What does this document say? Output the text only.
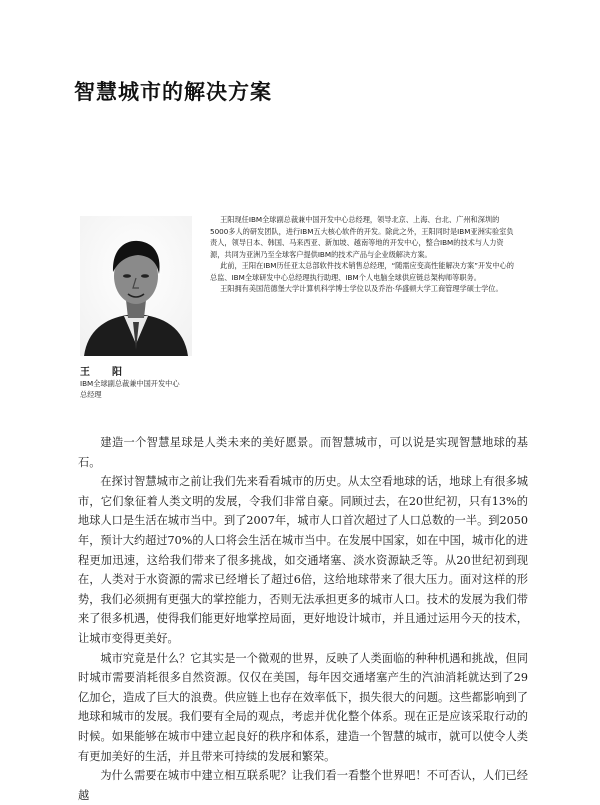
智慧城市的解决方案

王阳现任IBM全球副总裁兼中国开发中心总经理，领导北京、上海、台北、广州和深圳的5000多人的研发团队，进行IBM五大核心软件的开发。除此之外，王阳同时是IBM亚洲实验室负责人，领导日本、韩国、马来西亚、新加坡、越南等地的开发中心，整合IBM的技术与人力资源，共同为亚洲乃至全球客户提供IBM的技术产品与企业级解决方案。

此前，王阳在IBM历任亚太总部软件技术销售总经理，“随需应变高性能解决方案”开发中心的总监、IBM全球研发中心总经理执行助理、IBM个人电脑全球供应链总架构师等职务。

王阳拥有美国范德堡大学计算机科学博士学位以及乔治·华盛顿大学工商管理学硕士学位。

王　阳
IBM全球副总裁兼中国开发中心
总经理

建造一个智慧星球是人类未来的美好愿景。而智慧城市，可以说是实现智慧地球的基石。

在探讨智慧城市之前让我们先来看看城市的历史。从太空看地球的话，地球上有很多城市，它们象征着人类文明的发展，令我们非常自豪。同顾过去，在20世纪初，只有13%的地球人口是生活在城市当中。到了2007年，城市人口首次超过了人口总数的一半。到2050年，预计大约超过70%的人口将会生活在城市当中。在发展中国家，如在中国，城市化的进程更加迅速，这给我们带来了很多挑战，如交通堵塞、淡水资源缺乏等。从20世纪初到现在，人类对于水资源的需求已经增长了超过6倍，这给地球带来了很大压力。面对这样的形势，我们必须拥有更强大的掌控能力，否则无法承担更多的城市人口。技术的发展为我们带来了很多机遇，使得我们能更好地掌控局面，更好地设计城市，并且通过运用今天的技术，让城市变得更美好。

城市究竟是什么？它其实是一个微观的世界，反映了人类面临的种种机遇和挑战，但同时城市需要消耗很多自然资源。仅仅在美国，每年因交通堵塞产生的汽油消耗就达到了29亿加仑，造成了巨大的浪费。供应链上也存在效率低下，损失很大的问题。这些都影响到了地球和城市的发展。我们要有全局的观点，考虑并优化整个体系。现在正是应该采取行动的时候。如果能够在城市中建立起良好的秩序和体系，建造一个智慧的城市，就可以使令人类有更加美好的生活，并且带来可持续的发展和繁荣。

为什么需要在城市中建立相互联系呢？让我们看一看整个世界吧！不可否认，人们已经越
